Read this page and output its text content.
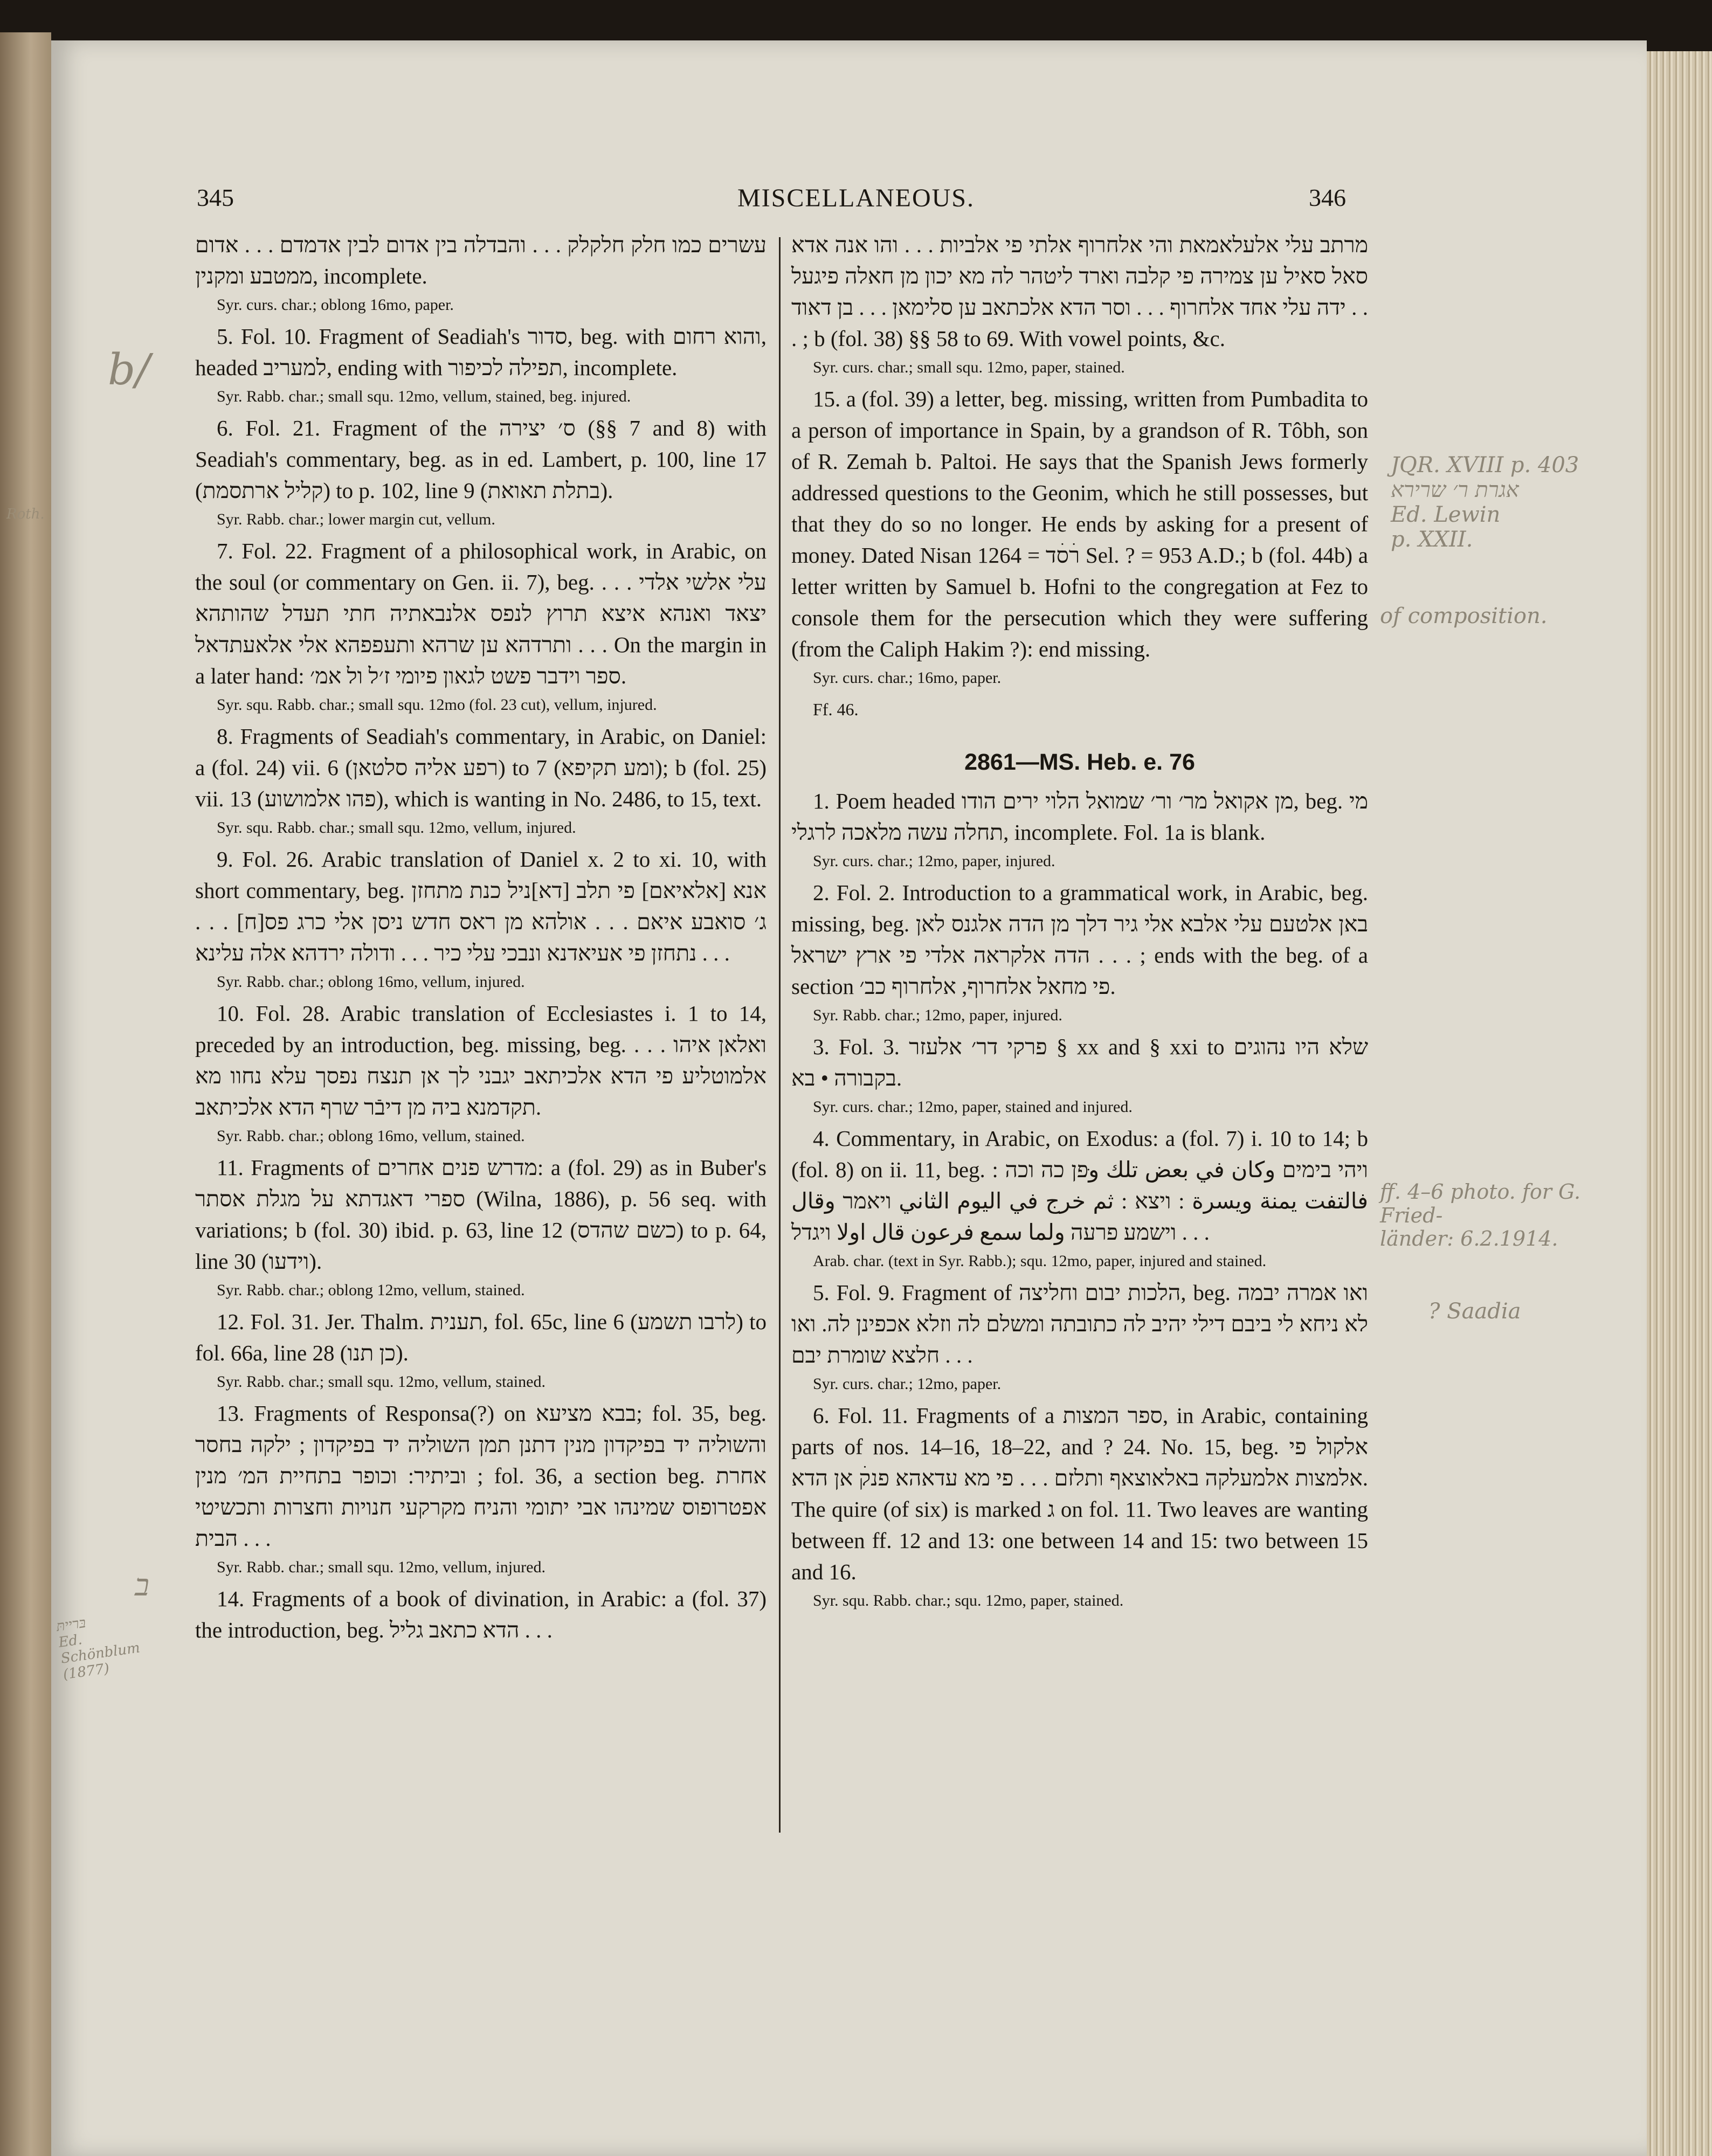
345	MISCELLANEOUS.	346

עשרים כמו חלק חלקלק . . . והבדלה בין אדום לבין אדמדם . . . אדום ממטבע ומקנין, incomplete.

Syr. curs. char.; oblong 16mo, paper.

5. Fol. 10. Fragment of Seadiah's סדור, beg. with והוא רחום, headed למעריב, ending with תפילה לכיפור, incomplete.

Syr. Rabb. char.; small squ. 12mo, vellum, stained, beg. injured.

6. Fol. 21. Fragment of the ס׳ יצירה (§§ 7 and 8) with Seadiah's commentary, beg. as in ed. Lambert, p. 100, line 17 (קליל ארתסמת) to p. 102, line 9 (בתלת תאואת).

Syr. Rabb. char.; lower margin cut, vellum.

7. Fol. 22. Fragment of a philosophical work, in Arabic, on the soul (or commentary on Gen. ii. 7), beg. . . . עלי אלשי אלדי יצאד ואנהא איצא תרוץ לנפס אלנבאתיה חתי תעדל שהותהא ותרדהא ען שרהא ותעפפהא אלי אלאעתדאל . . . On the margin in a later hand: ספר וידבר פשט לגאון פיומי ז׳ל ול אמ׳.

Syr. squ. Rabb. char.; small squ. 12mo (fol. 23 cut), vellum, injured.

8. Fragments of Seadiah's commentary, in Arabic, on Daniel: a (fol. 24) vii. 6 (רפע אליה סלטאן) to 7 (ומע תקיפא); b (fol. 25) vii. 13 (פהו אלמושוע), which is wanting in No. 2486, to 15, text.

Syr. squ. Rabb. char.; small squ. 12mo, vellum, injured.

9. Fol. 26. Arabic translation of Daniel x. 2 to xi. 10, with short commentary, beg. אנא [אלאיאם] פי תלב [דא]ניל כנת מתחזן ג׳ סואבע איאם . . . אולהא מן ראס חדש ניסן אלי כרג פס[ח] . . . נתחזן פי אעיאדנא ונבכי עלי כיר . . . ודולה ירדהא אלה עלינא . . .

Syr. Rabb. char.; oblong 16mo, vellum, injured.

10. Fol. 28. Arabic translation of Ecclesiastes i. 1 to 14, preceded by an introduction, beg. missing, beg. . . . ואלאן איהו אלמוטליע פי הדא אלכיתאב יגבני לך אן תנצח נפסך עלא נחוו מא תקדמנא ביה מן דיבֿר שרף הדא אלכיתאב.

Syr. Rabb. char.; oblong 16mo, vellum, stained.

11. Fragments of מדרש פנים אחרים: a (fol. 29) as in Buber's ספרי דאגדתא על מגלת אסתר (Wilna, 1886), p. 56 seq. with variations; b (fol. 30) ibid. p. 63, line 12 (כשם שהדס) to p. 64, line 30 (וידעו).

Syr. Rabb. char.; oblong 12mo, vellum, stained.

12. Fol. 31. Jer. Thalm. תענית, fol. 65c, line 6 (לרבו תשמע) to fol. 66a, line 28 (כן תנו).

Syr. Rabb. char.; small squ. 12mo, vellum, stained.

13. Fragments of Responsa(?) on בבא מציעא; fol. 35, beg. והשוליה יד בפיקדון מנין דתנן תמן השוליה יד בפיקדון ; ילקה בחסר וביתיר: וכופר בתחיית המ׳ מנין ; fol. 36, a section beg. אחרת אפטרופוס שמינהו אבי יתומי והניח מקרקעי חנויות וחצרות ותכשיטי הבית . . .

Syr. Rabb. char.; small squ. 12mo, vellum, injured.

14. Fragments of a book of divination, in Arabic: a (fol. 37) the introduction, beg. הדא כתאב גליל . . .

מרתב עלי אלעלאמאת והי אלחרוף אלתי פי אלביות . . . והו אנה אדא סאל סאיל ען צמירה פי קלבה וארד ליטהר לה מא יכון מן חאלה פיגעל ידה עלי אחד אלחרוף . . . וסר הדא אלכתאב ען סלימאן . . . בן דאוד . . . ; b (fol. 38) §§ 58 to 69. With vowel points, &c.

Syr. curs. char.; small squ. 12mo, paper, stained.

15. a (fol. 39) a letter, beg. missing, written from Pumbadita to a person of importance in Spain, by a grandson of R. Tôbh, son of R. Zemah b. Paltoi. He says that the Spanish Jews formerly addressed questions to the Geonim, which he still possesses, but that they do so no longer. He ends by asking for a present of money. Dated Nisan רׄסׄד = 1264 Sel. ? = 953 A.D.; b (fol. 44b) a letter written by Samuel b. Hofni to the congregation at Fez to console them for the persecution which they were suffering (from the Caliph Hakim ?): end missing.

Syr. curs. char.; 16mo, paper.

Ff. 46.

2861—MS. Heb. e. 76

1. Poem headed מן אקואל מר׳ ור׳ שמואל הלוי ירים הודו, beg. מי תחלה עשה מלאכה לרגלי, incomplete. Fol. 1a is blank.

Syr. curs. char.; 12mo, paper, injured.

2. Fol. 2. Introduction to a grammatical work, in Arabic, beg. missing, beg. באן אלטעם עלי אלבא אלי גיר דלך מן הדה אלגנס לאן הדה אלקראה אלדי פי ארץ ישראל . . . ; ends with the beg. of a section פי מחאל אלחרוף, אלחרוף כב׳.

Syr. Rabb. char.; 12mo, paper, injured.

3. Fol. 3. פרקי דר׳ אלעזר § xx and § xxi to שלא היו נהוגים בקבורה • בא.

Syr. curs. char.; 12mo, paper, stained and injured.

4. Commentary, in Arabic, on Exodus: a (fol. 7) i. 10 to 14; b (fol. 8) on ii. 11, beg. ויהי בימים وكان في بعض تلك وּפן כה וכה : فالتفت يمنة ويسرة : ויצא : ثم خرج في اليوم الثاني ויאמר وقال וישמע פרעה ولما سمع فرعون قال اولا ויגדל . . .

Arab. char. (text in Syr. Rabb.); squ. 12mo, paper, injured and stained.

5. Fol. 9. Fragment of הלכות יבום וחליצה, beg. ואו אמרה יבמה לא ניחא לי ביבם דילי יהיב לה כתובתה ומשלם לה וזלא אכפינן לה. ואו חלצא שומרת יבם . . .

Syr. curs. char.; 12mo, paper.

6. Fol. 11. Fragments of a ספר המצות, in Arabic, containing parts of nos. 14–16, 18–22, and ? 24. No. 15, beg. אלקול פי אלמצות אלמעלקה באלאוצאף ותלזם . . . פי מא עדאהא פנקׄ אן הדא. The quire (of six) is marked ג on fol. 11. Two leaves are wanting between ff. 12 and 13: one between 14 and 15: two between 15 and 16.

Syr. squ. Rabb. char.; squ. 12mo, paper, stained.

b/
Roth.
ב
בּרייתּ
Ed. Schönblum
(1877)
JQR. XVIII p. 403
אגרת ר׳ שרירא
Ed. Lewin
p. XXII.
of composition.
ff. 4–6 photo. for G. Fried-
länder: 6.2.1914.
? Saadia
